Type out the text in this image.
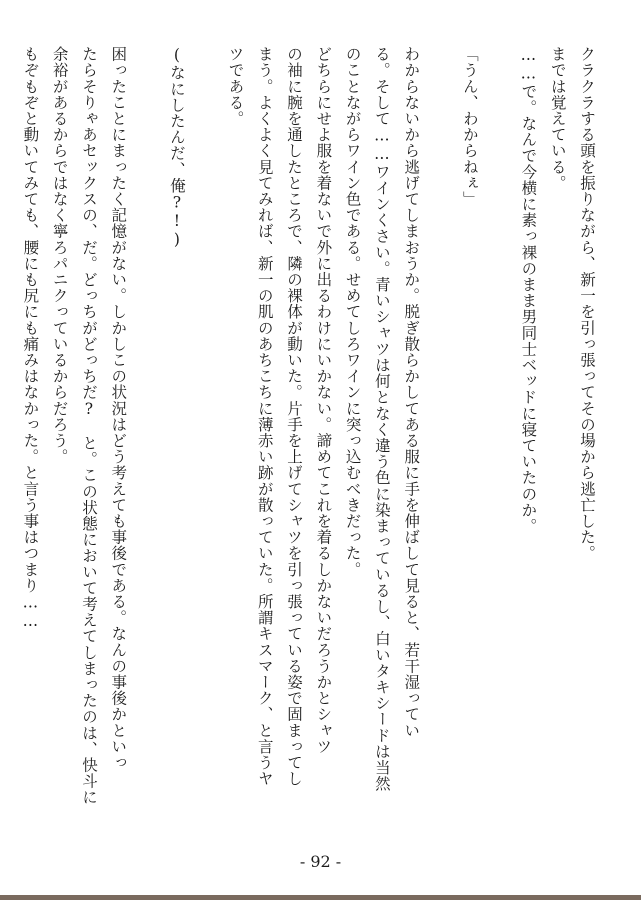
クラクラする頭を振りながら、新一を引っ張ってその場から逃亡した。
までは覚えている。
……で。なんで今横に素っ裸のまま男同士ベッドに寝ていたのか。

「うん、わからねぇ」

わからないから逃げてしまおうか。脱ぎ散らかしてある服に手を伸ばして見ると、若干湿ってい
る。そして……ワインくさい。青いシャツは何となく違う色に染まっているし、白いタキシードは当然
のことながらワイン色である。せめてしろワインに突っ込むべきだった。
どちらにせよ服を着ないで外に出るわけにいかない。諦めてこれを着るしかないだろうかとシャツ
の袖に腕を通したところで、隣の裸体が動いた。片手を上げてシャツを引っ張っている姿で固まってし
まう。よくよく見てみれば、新一の肌のあちこちに薄赤い跡が散っていた。所謂キスマーク、と言うヤ
ツである。

(なにしたんだ、俺?!)

困ったことにまったく記憶がない。しかしこの状況はどう考えても事後である。なんの事後かといっ
たらそりゃあセックスの、だ。どっちがどっちだ?　と。この状態において考えてしまったのは、快斗に
余裕があるからではなく寧ろパニクっているからだろう。
もぞもぞと動いてみても、腰にも尻にも痛みはなかった。と言う事はつまり……

- 92 -
